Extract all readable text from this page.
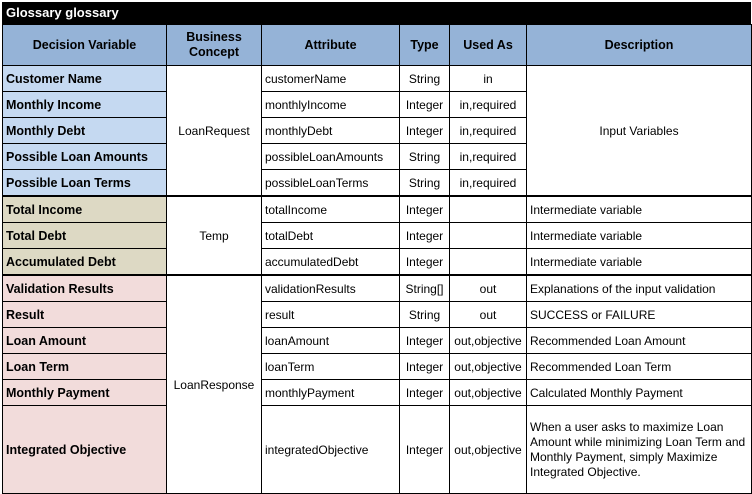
Glossary glossary
Decision Variable	Business Concept	Attribute	Type	Used As	Description
Customer Name	LoanRequest	customerName	String	in	Input Variables
Monthly Income		monthlyIncome	Integer	in,required	
Monthly Debt		monthlyDebt	Integer	in,required	
Possible Loan Amounts		possibleLoanAmounts	String	in,required	
Possible Loan Terms		possibleLoanTerms	String	in,required	
Total Income	Temp	totalIncome	Integer		Intermediate variable
Total Debt		totalDebt	Integer		Intermediate variable
Accumulated Debt		accumulatedDebt	Integer		Intermediate variable
Validation Results	LoanResponse	validationResults	String[]	out	Explanations of the input validation
Result		result	String	out	SUCCESS or FAILURE
Loan Amount		loanAmount	Integer	out,objective	Recommended Loan Amount
Loan Term		loanTerm	Integer	out,objective	Recommended Loan Term
Monthly Payment		monthlyPayment	Integer	out,objective	Calculated Monthly Payment
Integrated Objective		integratedObjective	Integer	out,objective	When a user asks to maximize Loan Amount while minimizing Loan Term and Monthly Payment, simply Maximize Integrated Objective.
